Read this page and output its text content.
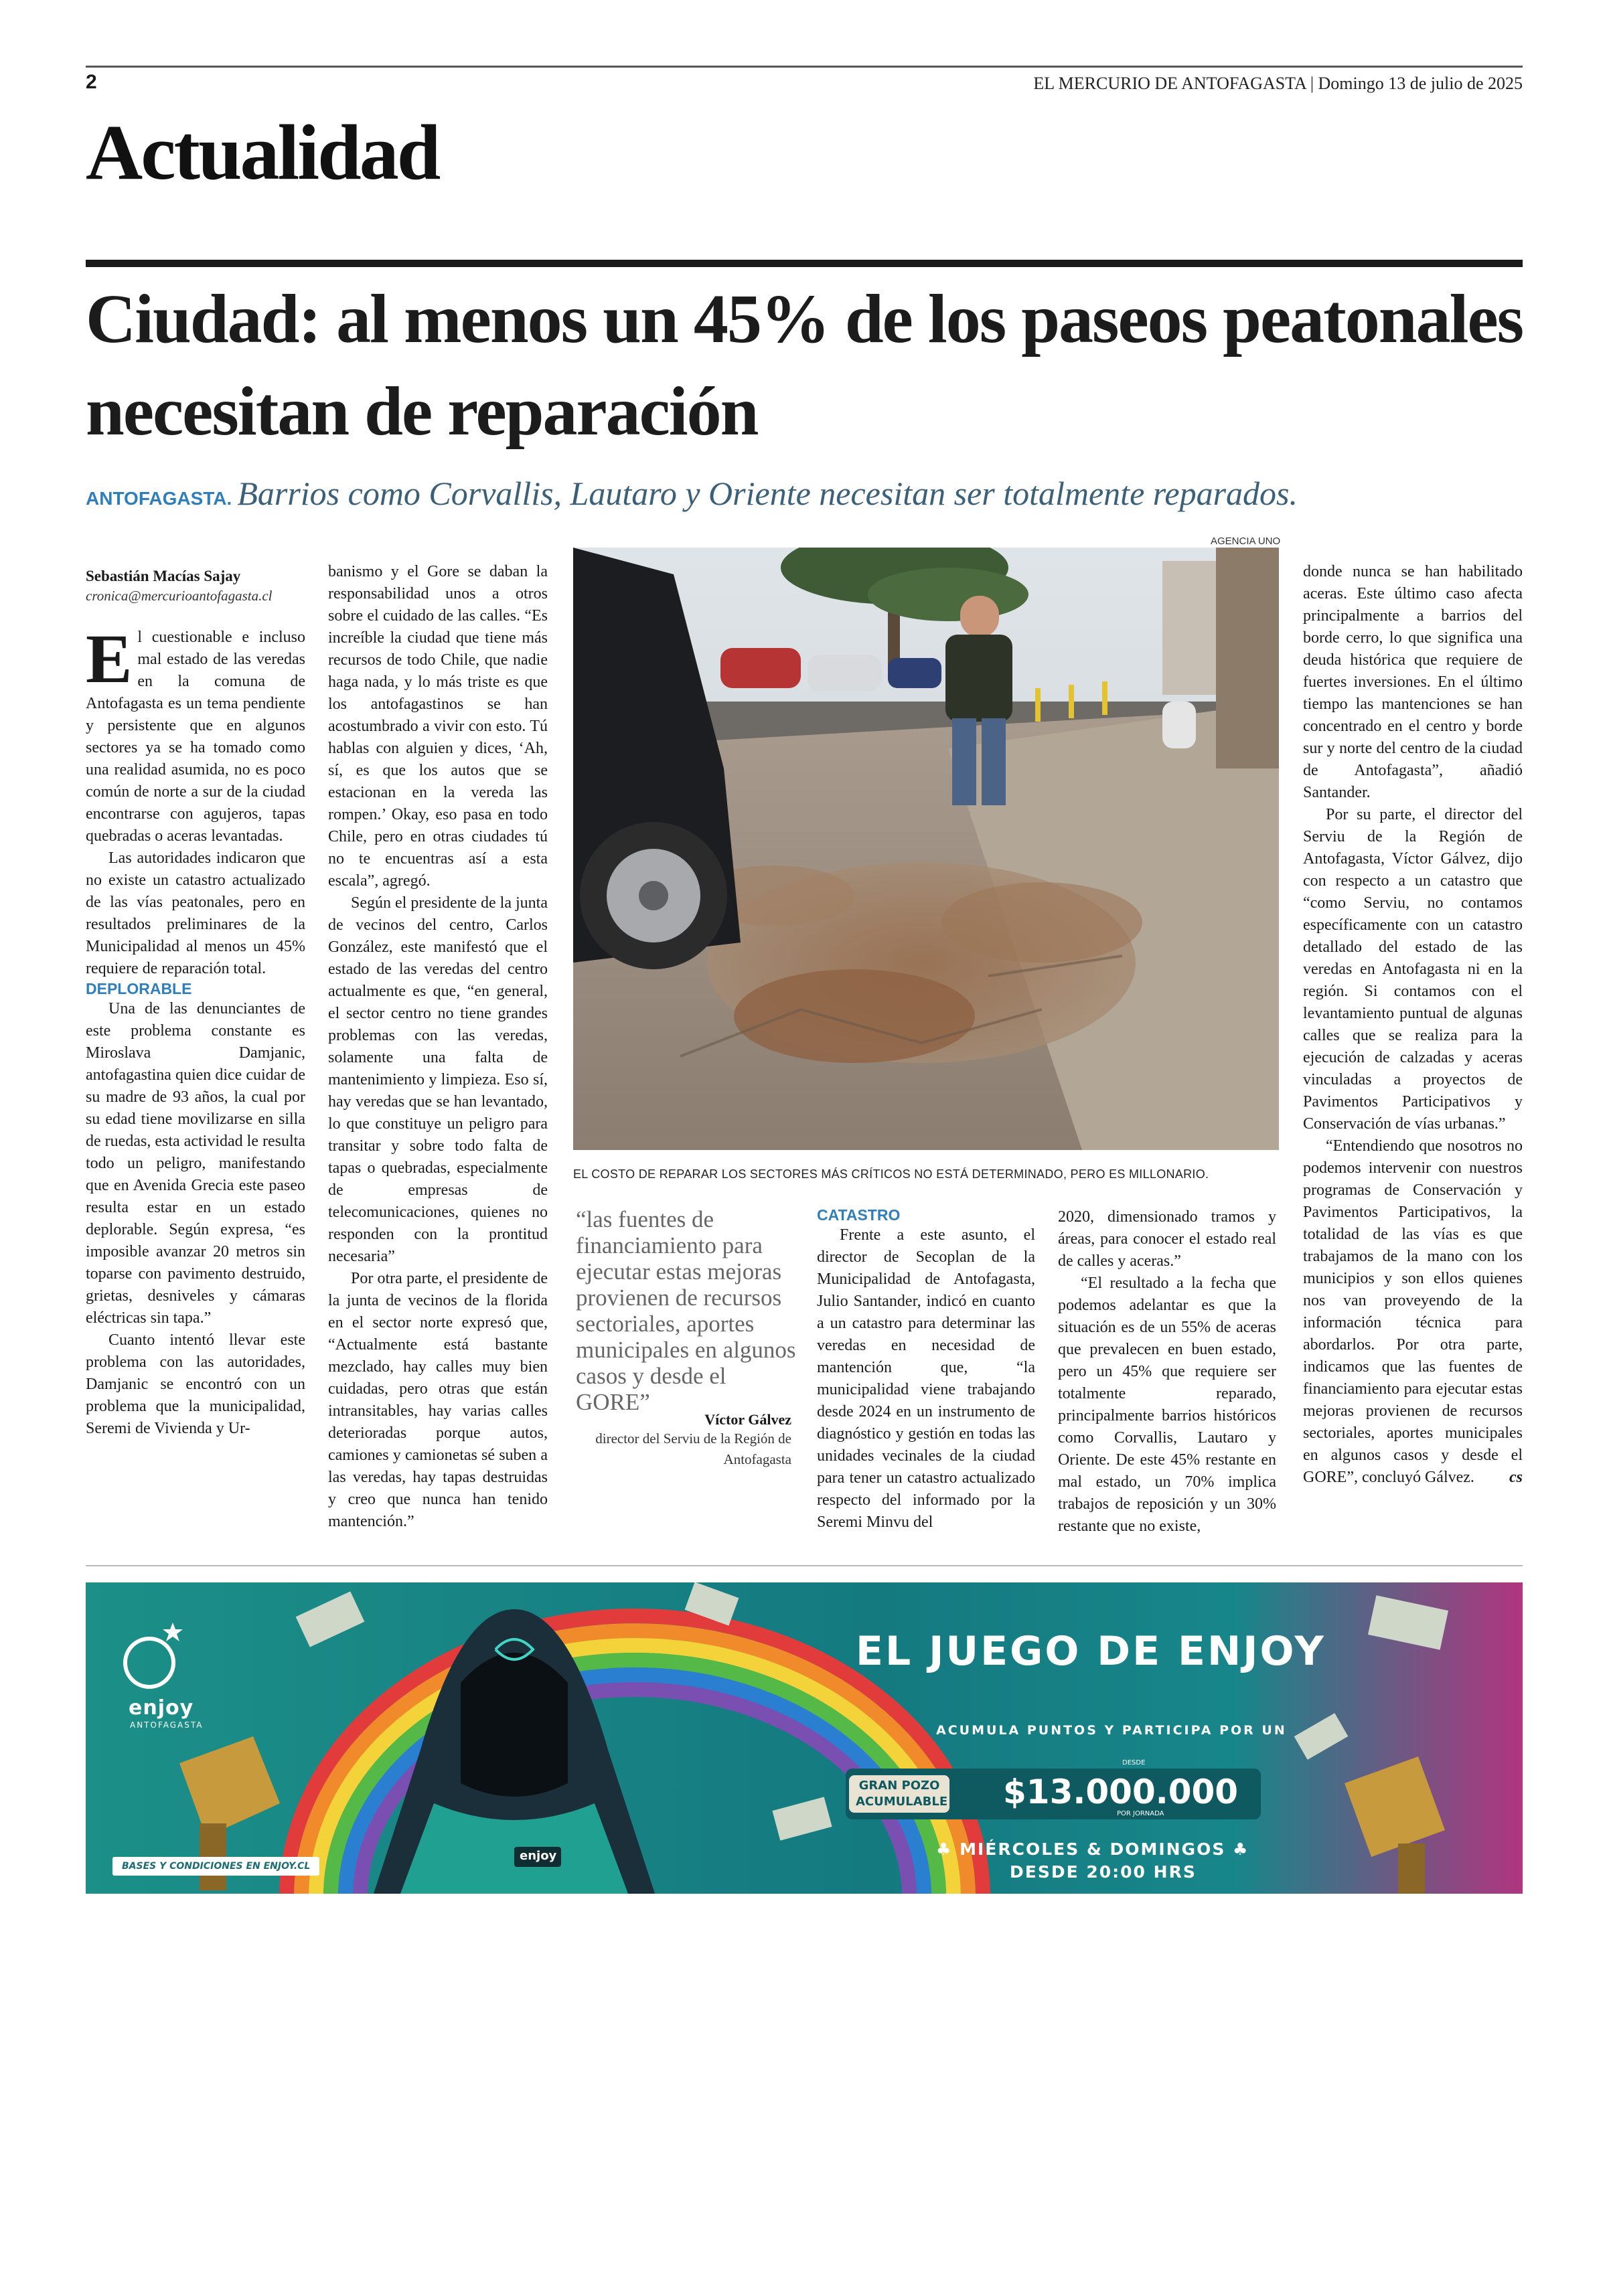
2	EL MERCURIO DE ANTOFAGASTA | Domingo 13 de julio de 2025
Actualidad
Ciudad: al menos un 45% de los paseos peatonales necesitan de reparación
ANTOFAGASTA. Barrios como Corvallis, Lautaro y Oriente necesitan ser totalmente reparados.
Sebastián Macías Sajay
cronica@mercurioantofagasta.cl

El cuestionable e incluso mal estado de las veredas en la comuna de Antofagasta es un tema pendiente y persistente que en algunos sectores ya se ha tomado como una realidad asumida, no es poco común de norte a sur de la ciudad encontrarse con agujeros, tapas quebradas o aceras levantadas.

Las autoridades indicaron que no existe un catastro actualizado de las vías peatonales, pero en resultados preliminares de la Municipalidad al menos un 45% requiere de reparación total.

DEPLORABLE

Una de las denunciantes de este problema constante es Miroslava Damjanic, antofagastina quien dice cuidar de su madre de 93 años, la cual por su edad tiene movilizarse en silla de ruedas, esta actividad le resulta todo un peligro, manifestando que en Avenida Grecia este paseo resulta estar en un estado deplorable. Según expresa, “es imposible avanzar 20 metros sin toparse con pavimento destruido, grietas, desniveles y cámaras eléctricas sin tapa.”

Cuanto intentó llevar este problema con las autoridades, Damjanic se encontró con un problema que la municipalidad, Seremi de Vivienda y Ur-

banismo y el Gore se daban la responsabilidad unos a otros sobre el cuidado de las calles. “Es increíble la ciudad que tiene más recursos de todo Chile, que nadie haga nada, y lo más triste es que los antofagastinos se han acostumbrado a vivir con esto. Tú hablas con alguien y dices, ‘Ah, sí, es que los autos que se estacionan en la vereda las rompen.’ Okay, eso pasa en todo Chile, pero en otras ciudades tú no te encuentras así a esta escala”, agregó.

Según el presidente de la junta de vecinos del centro, Carlos González, este manifestó que el estado de las veredas del centro actualmente es que, “en general, el sector centro no tiene grandes problemas con las veredas, solamente una falta de mantenimiento y limpieza. Eso sí, hay veredas que se han levantado, lo que constituye un peligro para transitar y sobre todo falta de tapas o quebradas, especialmente de empresas de telecomunicaciones, quienes no responden con la prontitud necesaria”

Por otra parte, el presidente de la junta de vecinos de la florida en el sector norte expresó que, “Actualmente está bastante mezclado, hay calles muy bien cuidadas, pero otras que están intransitables, hay varias calles deterioradas porque autos, camiones y camionetas sé suben a las veredas, hay tapas destruidas y creo que nunca han tenido mantención.”

AGENCIA UNO
EL COSTO DE REPARAR LOS SECTORES MÁS CRÍTICOS NO ESTÁ DETERMINADO, PERO ES MILLONARIO.
“las fuentes de financiamiento para ejecutar estas mejoras provienen de recursos sectoriales, aportes municipales en algunos casos y desde el GORE”
Víctor Gálvez
director del Serviu de la Región de Antofagasta

CATASTRO

Frente a este asunto, el director de Secoplan de la Municipalidad de Antofagasta, Julio Santander, indicó en cuanto a un catastro para determinar las veredas en necesidad de mantención que, “la municipalidad viene trabajando desde 2024 en un instrumento de diagnóstico y gestión en todas las unidades vecinales de la ciudad para tener un catastro actualizado respecto del informado por la Seremi Minvu del

2020, dimensionado tramos y áreas, para conocer el estado real de calles y aceras.”

“El resultado a la fecha que podemos adelantar es que la situación es de un 55% de aceras que prevalecen en buen estado, pero un 45% que requiere ser totalmente reparado, principalmente barrios históricos como Corvallis, Lautaro y Oriente. De este 45% restante en mal estado, un 70% implica trabajos de reposición y un 30% restante que no existe,

donde nunca se han habilitado aceras. Este último caso afecta principalmente a barrios del borde cerro, lo que significa una deuda histórica que requiere de fuertes inversiones. En el último tiempo las mantenciones se han concentrado en el centro y borde sur y norte del centro de la ciudad de Antofagasta”, añadió Santander.

Por su parte, el director del Serviu de la Región de Antofagasta, Víctor Gálvez, dijo con respecto a un catastro que “como Serviu, no contamos específicamente con un catastro detallado del estado de las veredas en Antofagasta ni en la región. Si contamos con el levantamiento puntual de algunas calles que se realiza para la ejecución de calzadas y aceras vinculadas a proyectos de Pavimentos Participativos y Conservación de vías urbanas.”

“Entendiendo que nosotros no podemos intervenir con nuestros programas de Conservación y Pavimentos Participativos, la totalidad de las vías es que trabajamos de la mano con los municipios y son ellos quienes nos van proveyendo de la información técnica para abordarlos. Por otra parte, indicamos que las fuentes de financiamiento para ejecutar estas mejoras provienen de recursos sectoriales, aportes municipales en algunos casos y desde el GORE”, concluyó Gálvez.	cs
enjoy
ANTOFAGASTA
BASES Y CONDICIONES EN ENJOY.CL
EL JUEGO DE ENJOY
ACUMULA PUNTOS Y PARTICIPA POR UN
GRAN POZO ACUMULABLE
DESDE
$13.000.000
POR JORNADA
♣ MIÉRCOLES & DOMINGOS ♣
DESDE 20:00 HRS
enjoy
